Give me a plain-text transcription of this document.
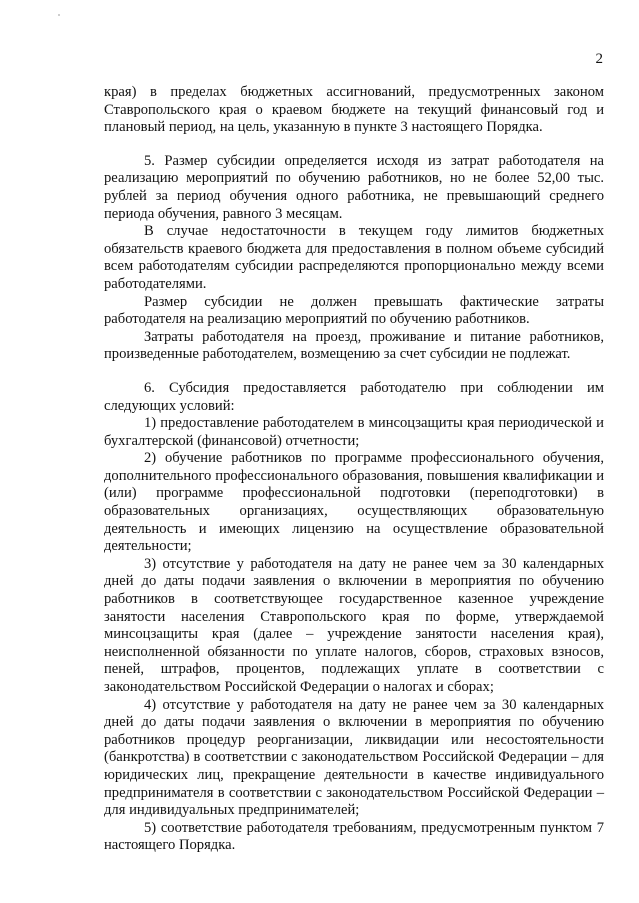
2

края) в пределах бюджетных ассигнований, предусмотренных законом Ставропольского края о краевом бюджете на текущий финансовый год и плановый период, на цель, указанную в пункте 3 настоящего Порядка.

5. Размер субсидии определяется исходя из затрат работодателя на реализацию мероприятий по обучению работников, но не более 52,00 тыс. рублей за период обучения одного работника, не превышающий среднего периода обучения, равного 3 месяцам.

В случае недостаточности в текущем году лимитов бюджетных обязательств краевого бюджета для предоставления в полном объеме субсидий всем работодателям субсидии распределяются пропорционально между всеми работодателями.

Размер субсидии не должен превышать фактические затраты работодателя на реализацию мероприятий по обучению работников.

Затраты работодателя на проезд, проживание и питание работников, произведенные работодателем, возмещению за счет субсидии не подлежат.

6. Субсидия предоставляется работодателю при соблюдении им следующих условий:

1) предоставление работодателем в минсоцзащиты края периодической и бухгалтерской (финансовой) отчетности;

2) обучение работников по программе профессионального обучения, дополнительного профессионального образования, повышения квалификации и (или) программе профессиональной подготовки (переподготовки) в образовательных организациях, осуществляющих образовательную деятельность и имеющих лицензию на осуществление образовательной деятельности;

3) отсутствие у работодателя на дату не ранее чем за 30 календарных дней до даты подачи заявления о включении в мероприятия по обучению работников в соответствующее государственное казенное учреждение занятости населения Ставропольского края по форме, утверждаемой минсоцзащиты края (далее – учреждение занятости населения края), неисполненной обязанности по уплате налогов, сборов, страховых взносов, пеней, штрафов, процентов, подлежащих уплате в соответствии с законодательством Российской Федерации о налогах и сборах;

4) отсутствие у работодателя на дату не ранее чем за 30 календарных дней до даты подачи заявления о включении в мероприятия по обучению работников процедур реорганизации, ликвидации или несостоятельности (банкротства) в соответствии с законодательством Российской Федерации – для юридических лиц, прекращение деятельности в качестве индивидуального предпринимателя в соответствии с законодательством Российской Федерации – для индивидуальных предпринимателей;

5) соответствие работодателя требованиям, предусмотренным пунктом 7 настоящего Порядка.
